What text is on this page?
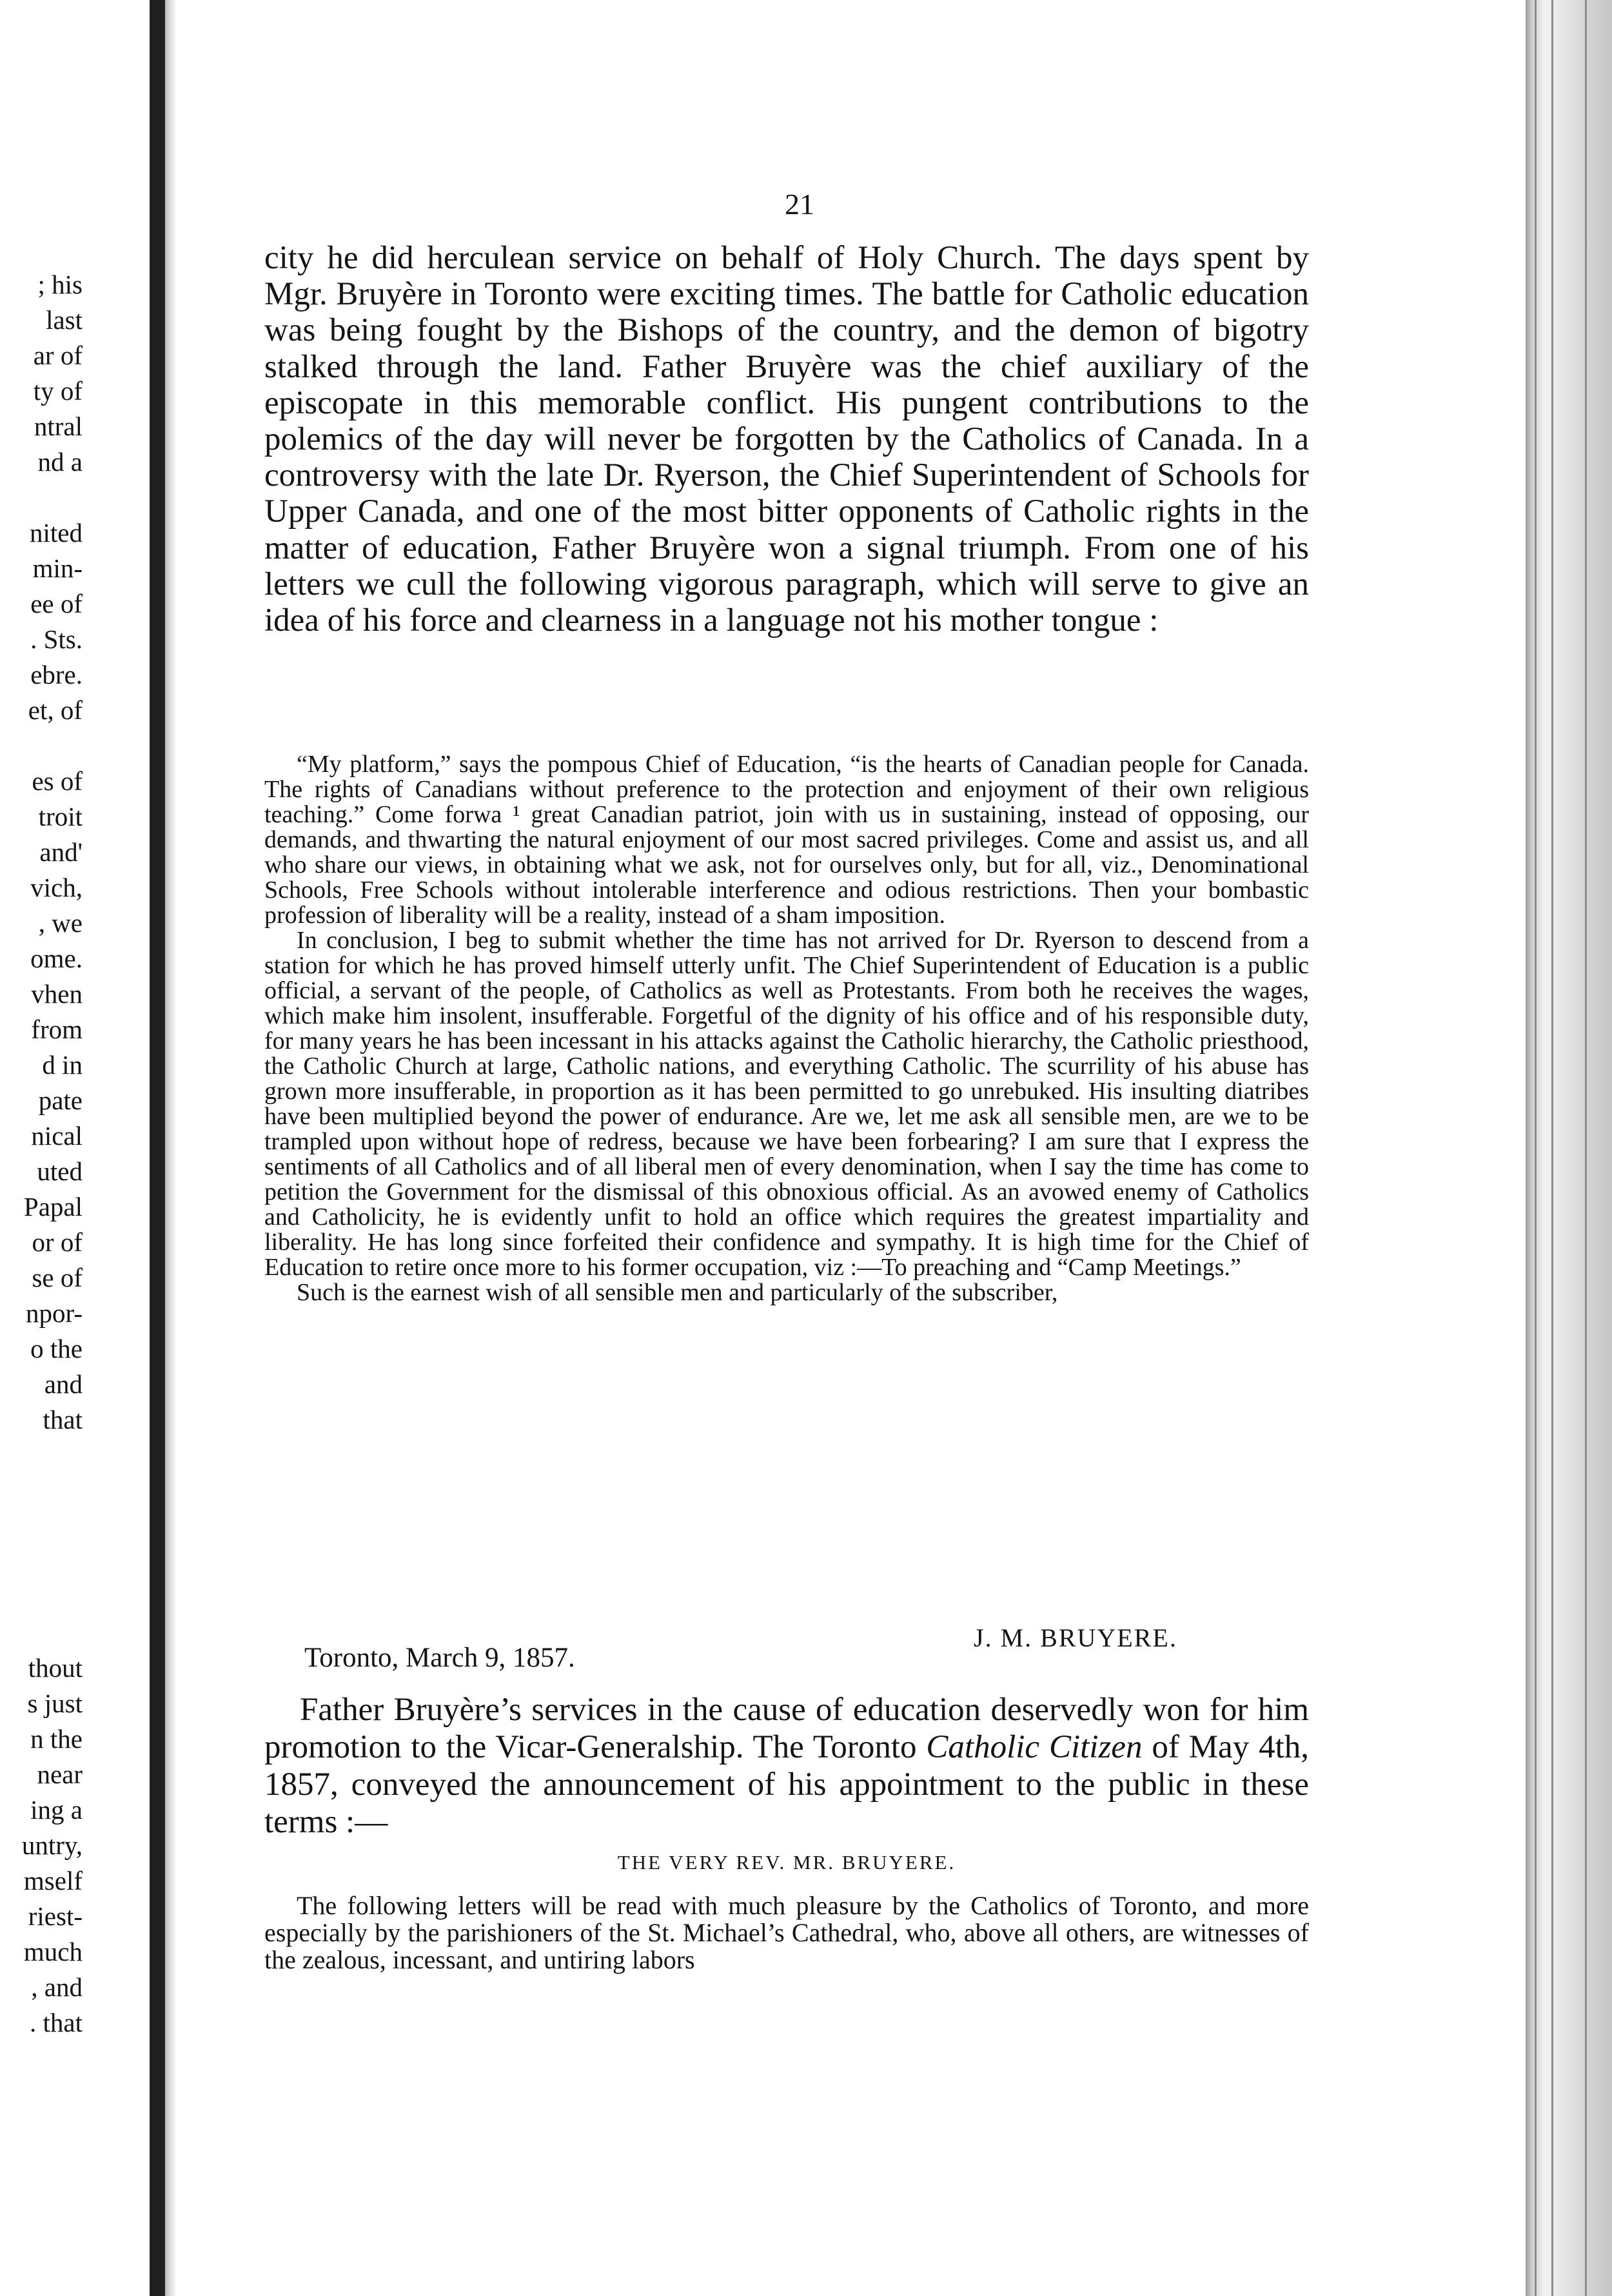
; his
last
ar of
ty of
ntral
nd a
nited
min-
ee of
. Sts.
ebre.
et, of
es of
troit
and'
vich,
, we
ome.
vhen
from
d in
pate
nical
uted
Papal
or of
se of
npor-
o the
and
that
thout
s just
n the
near
ing a
untry,
mself
riest-
much
, and
. that
21

city he did herculean service on behalf of Holy Church. The days spent by Mgr. Bruyère in Toronto were exciting times. The battle for Catholic education was being fought by the Bishops of the country, and the demon of bigotry stalked through the land. Father Bruyère was the chief auxiliary of the episcopate in this memorable conflict. His pungent contributions to the polemics of the day will never be forgotten by the Catholics of Canada. In a controversy with the late Dr. Ryerson, the Chief Superintendent of Schools for Upper Canada, and one of the most bitter opponents of Catholic rights in the matter of education, Father Bruyère won a signal triumph. From one of his letters we cull the following vigorous paragraph, which will serve to give an idea of his force and clearness in a language not his mother tongue :

“My platform,” says the pompous Chief of Education, “is the hearts of Canadian people for Canada. The rights of Canadians without preference to the protection and enjoyment of their own religious teaching.” Come forwa ¹ great Canadian patriot, join with us in sustaining, instead of opposing, our demands, and thwarting the natural enjoyment of our most sacred privileges. Come and assist us, and all who share our views, in obtaining what we ask, not for ourselves only, but for all, viz., Denominational Schools, Free Schools without intolerable interference and odious restrictions. Then your bombastic profession of liberality will be a reality, instead of a sham imposition.

In conclusion, I beg to submit whether the time has not arrived for Dr. Ryerson to descend from a station for which he has proved himself utterly unfit. The Chief Superintendent of Education is a public official, a servant of the people, of Catholics as well as Protestants. From both he receives the wages, which make him insolent, insufferable. Forgetful of the dignity of his office and of his responsible duty, for many years he has been incessant in his attacks against the Catholic hierarchy, the Catholic priesthood, the Catholic Church at large, Catholic nations, and everything Catholic. The scurrility of his abuse has grown more insufferable, in proportion as it has been permitted to go unrebuked. His insulting diatribes have been multiplied beyond the power of endurance. Are we, let me ask all sensible men, are we to be trampled upon without hope of redress, because we have been forbearing? I am sure that I express the sentiments of all Catholics and of all liberal men of every denomination, when I say the time has come to petition the Government for the dismissal of this obnoxious official. As an avowed enemy of Catholics and Catholicity, he is evidently unfit to hold an office which requires the greatest impartiality and liberality. He has long since forfeited their confidence and sympathy. It is high time for the Chief of Education to retire once more to his former occupation, viz :—To preaching and “Camp Meetings.”

Such is the earnest wish of all sensible men and particularly of the subscriber,

J. M. BRUYERE.
Toronto, March 9, 1857.

Father Bruyère’s services in the cause of education deservedly won for him promotion to the Vicar-Generalship. The Toronto Catholic Citizen of May 4th, 1857, conveyed the announcement of his appointment to the public in these terms :—

THE VERY REV. MR. BRUYERE.

The following letters will be read with much pleasure by the Catholics of Toronto, and more especially by the parishioners of the St. Michael’s Cathedral, who, above all others, are witnesses of the zealous, incessant, and untiring labors
